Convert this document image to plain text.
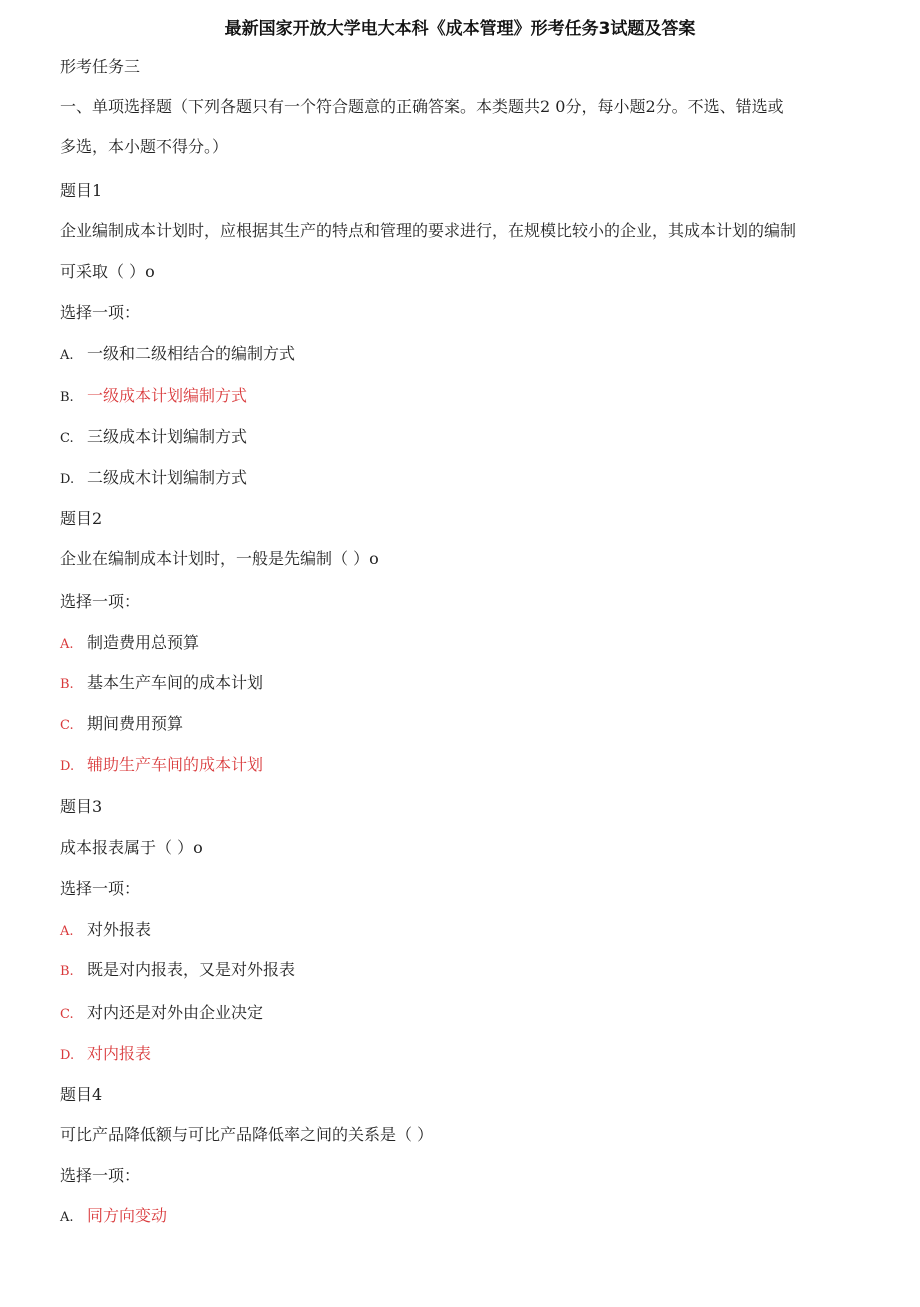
最新国家开放大学电大本科《成本管理》形考任务3试题及答案
形考任务三
一、单项选择题（下列各题只有一个符合题意的正确答案。本类题共2 0分，每小题2分。不选、错选或
多选，本小题不得分。）
题目1
企业编制成本计划时，应根据其生产的特点和管理的要求进行，在规模比较小的企业，其成本计划的编制
可采取（ ）o
选择一项：
A. 一级和二级相结合的编制方式
B. 一级成本计划编制方式
C. 三级成本计划编制方式
D. 二级成木计划编制方式
题目2
企业在编制成本计划时，一般是先编制（ ）o
选择一项：
A. 制造费用总预算
B. 基本生产车间的成本计划
C. 期间费用预算
D. 辅助生产车间的成本计划
题目3
成本报表属于（ ）o
选择一项：
A. 对外报表
B. 既是对内报表，又是对外报表
C. 对内还是对外由企业决定
D. 对内报表
题目4
可比产品降低额与可比产品降低率之间的关系是（ ）
选择一项：
A. 同方向变动
